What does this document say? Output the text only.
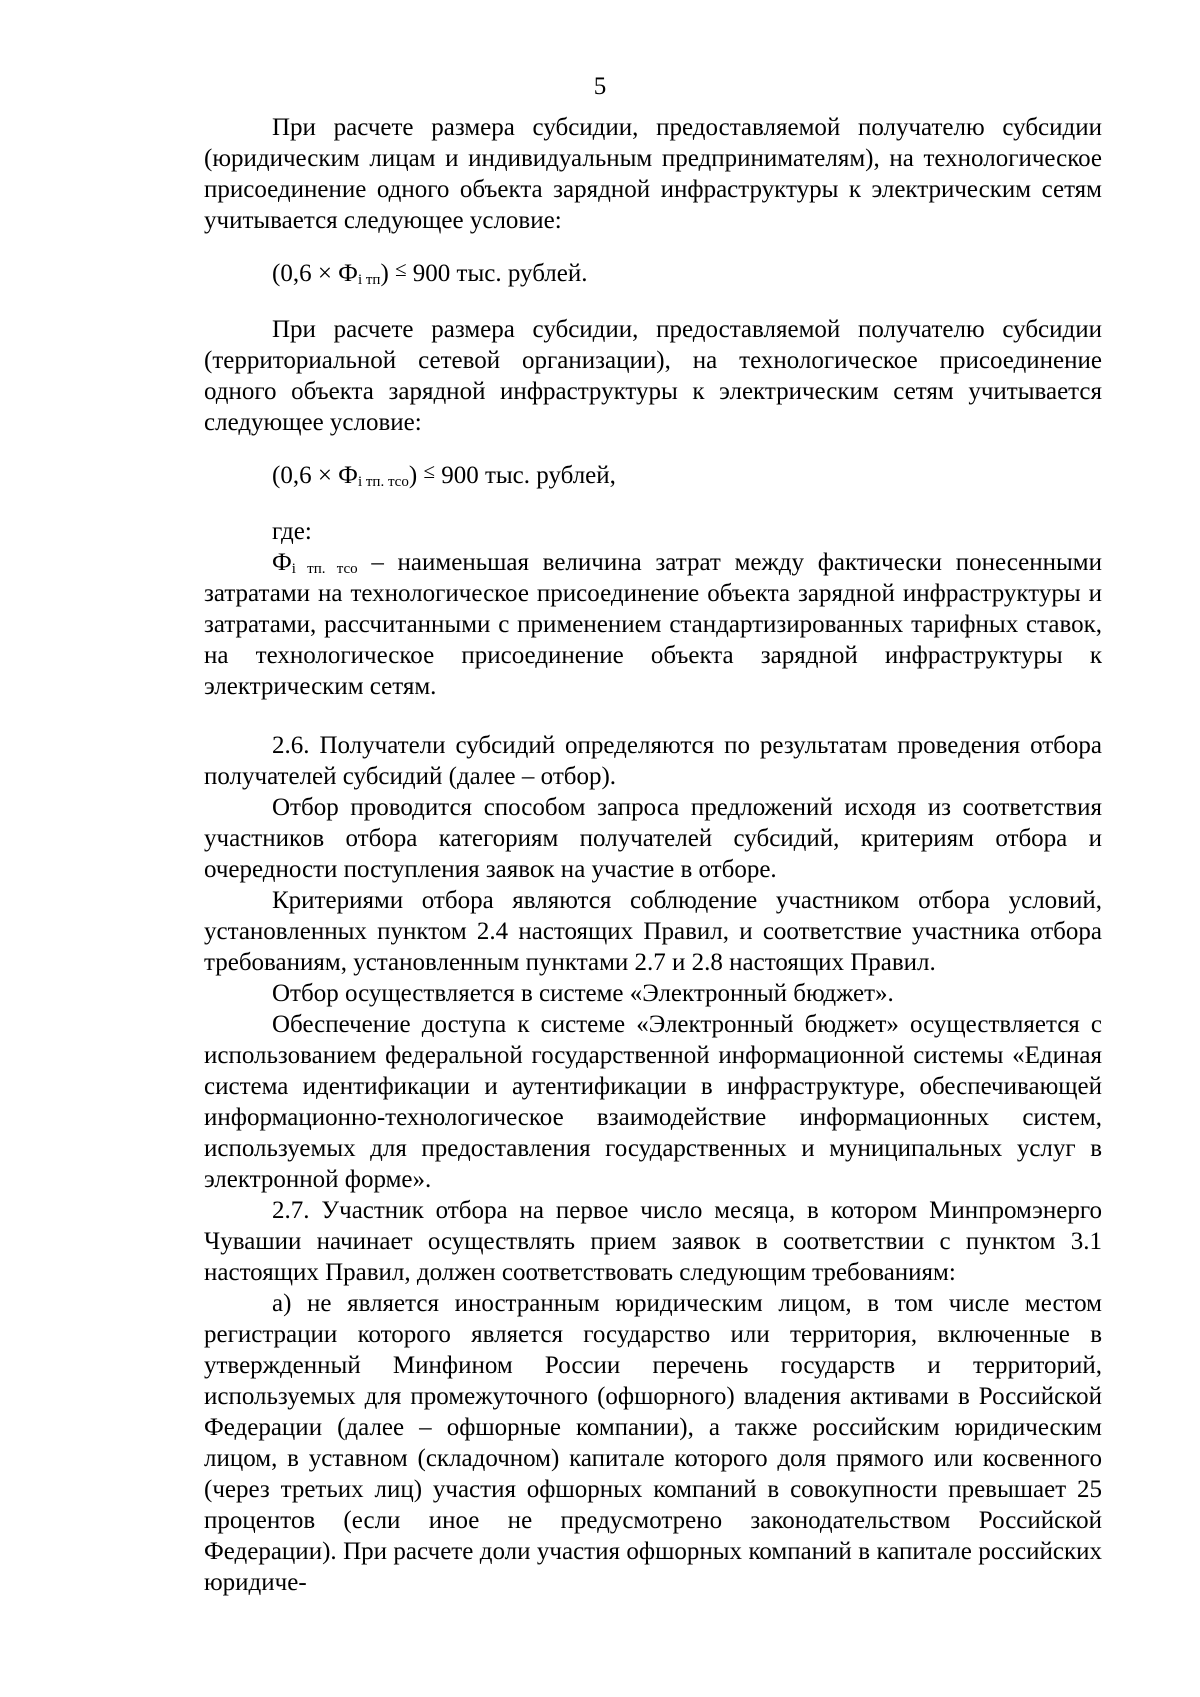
5

При расчете размера субсидии, предоставляемой получателю субсидии (юридическим лицам и индивидуальным предпринимателям), на технологическое присоединение одного объекта зарядной инфраструктуры к электрическим сетям учитывается следующее условие:

$(0,6 \times Ф_{i тп})$ ≤ 900 тыс. рублей.

При расчете размера субсидии, предоставляемой получателю субсидии (территориальной сетевой организации), на технологическое присоединение одного объекта зарядной инфраструктуры к электрическим сетям учитывается следующее условие:

$(0,6 \times Ф_{i тп. тсо})$ ≤ 900 тыс. рублей,

где:

$Ф_{i тп. тсо}$ – наименьшая величина затрат между фактически понесенными затратами на технологическое присоединение объекта зарядной инфраструктуры и затратами, рассчитанными с применением стандартизированных тарифных ставок, на технологическое присоединение объекта зарядной инфраструктуры к электрическим сетям.

2.6. Получатели субсидий определяются по результатам проведения отбора получателей субсидий (далее – отбор).

Отбор проводится способом запроса предложений исходя из соответствия участников отбора категориям получателей субсидий, критериям отбора и очередности поступления заявок на участие в отборе.

Критериями отбора являются соблюдение участником отбора условий, установленных пунктом 2.4 настоящих Правил, и соответствие участника отбора требованиям, установленным пунктами 2.7 и 2.8 настоящих Правил.

Отбор осуществляется в системе «Электронный бюджет».

Обеспечение доступа к системе «Электронный бюджет» осуществляется с использованием федеральной государственной информационной системы «Единая система идентификации и аутентификации в инфраструктуре, обеспечивающей информационно-технологическое взаимодействие информационных систем, используемых для предоставления государственных и муниципальных услуг в электронной форме».

2.7. Участник отбора на первое число месяца, в котором Минпромэнерго Чувашии начинает осуществлять прием заявок в соответствии с пунктом 3.1 настоящих Правил, должен соответствовать следующим требованиям:

а) не является иностранным юридическим лицом, в том числе местом регистрации которого является государство или территория, включенные в утвержденный Минфином России перечень государств и территорий, используемых для промежуточного (офшорного) владения активами в Российской Федерации (далее – офшорные компании), а также российским юридическим лицом, в уставном (складочном) капитале которого доля прямого или косвенного (через третьих лиц) участия офшорных компаний в совокупности превышает 25 процентов (если иное не предусмотрено законодательством Российской Федерации). При расчете доли участия офшорных компаний в капитале российских юридиче-
